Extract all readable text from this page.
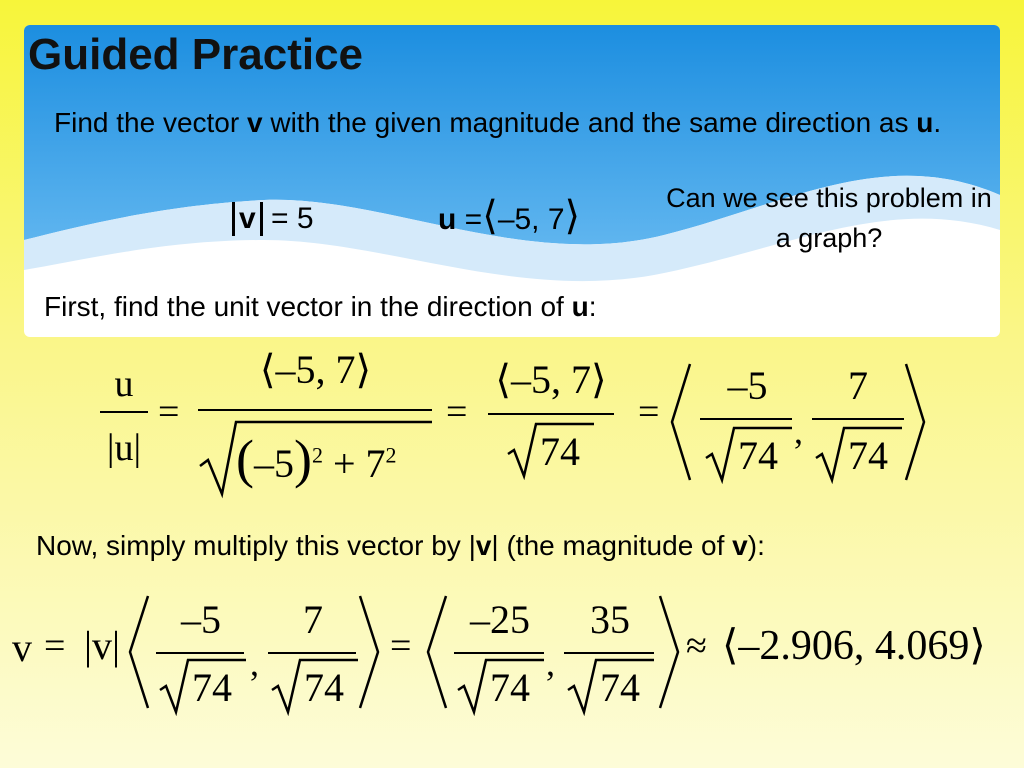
Guided Practice
Find the vector v with the given magnitude and the same direction as u.
v = 5	u =⟨–5, 7⟩	Can we see this problem in a graph?
First, find the unit vector in the direction of u:
u
|u|
=
⟨–5, 7⟩
$(-5)^2 + 7^2$
=
⟨–5, 7⟩
74
=
–5
74
,
7
74
Now, simply multiply this vector by |v| (the magnitude of v):
v = |v|
–5
74
,
7
74
=
–25
74
,
35
74
≈ ⟨–2.906, 4.069⟩
